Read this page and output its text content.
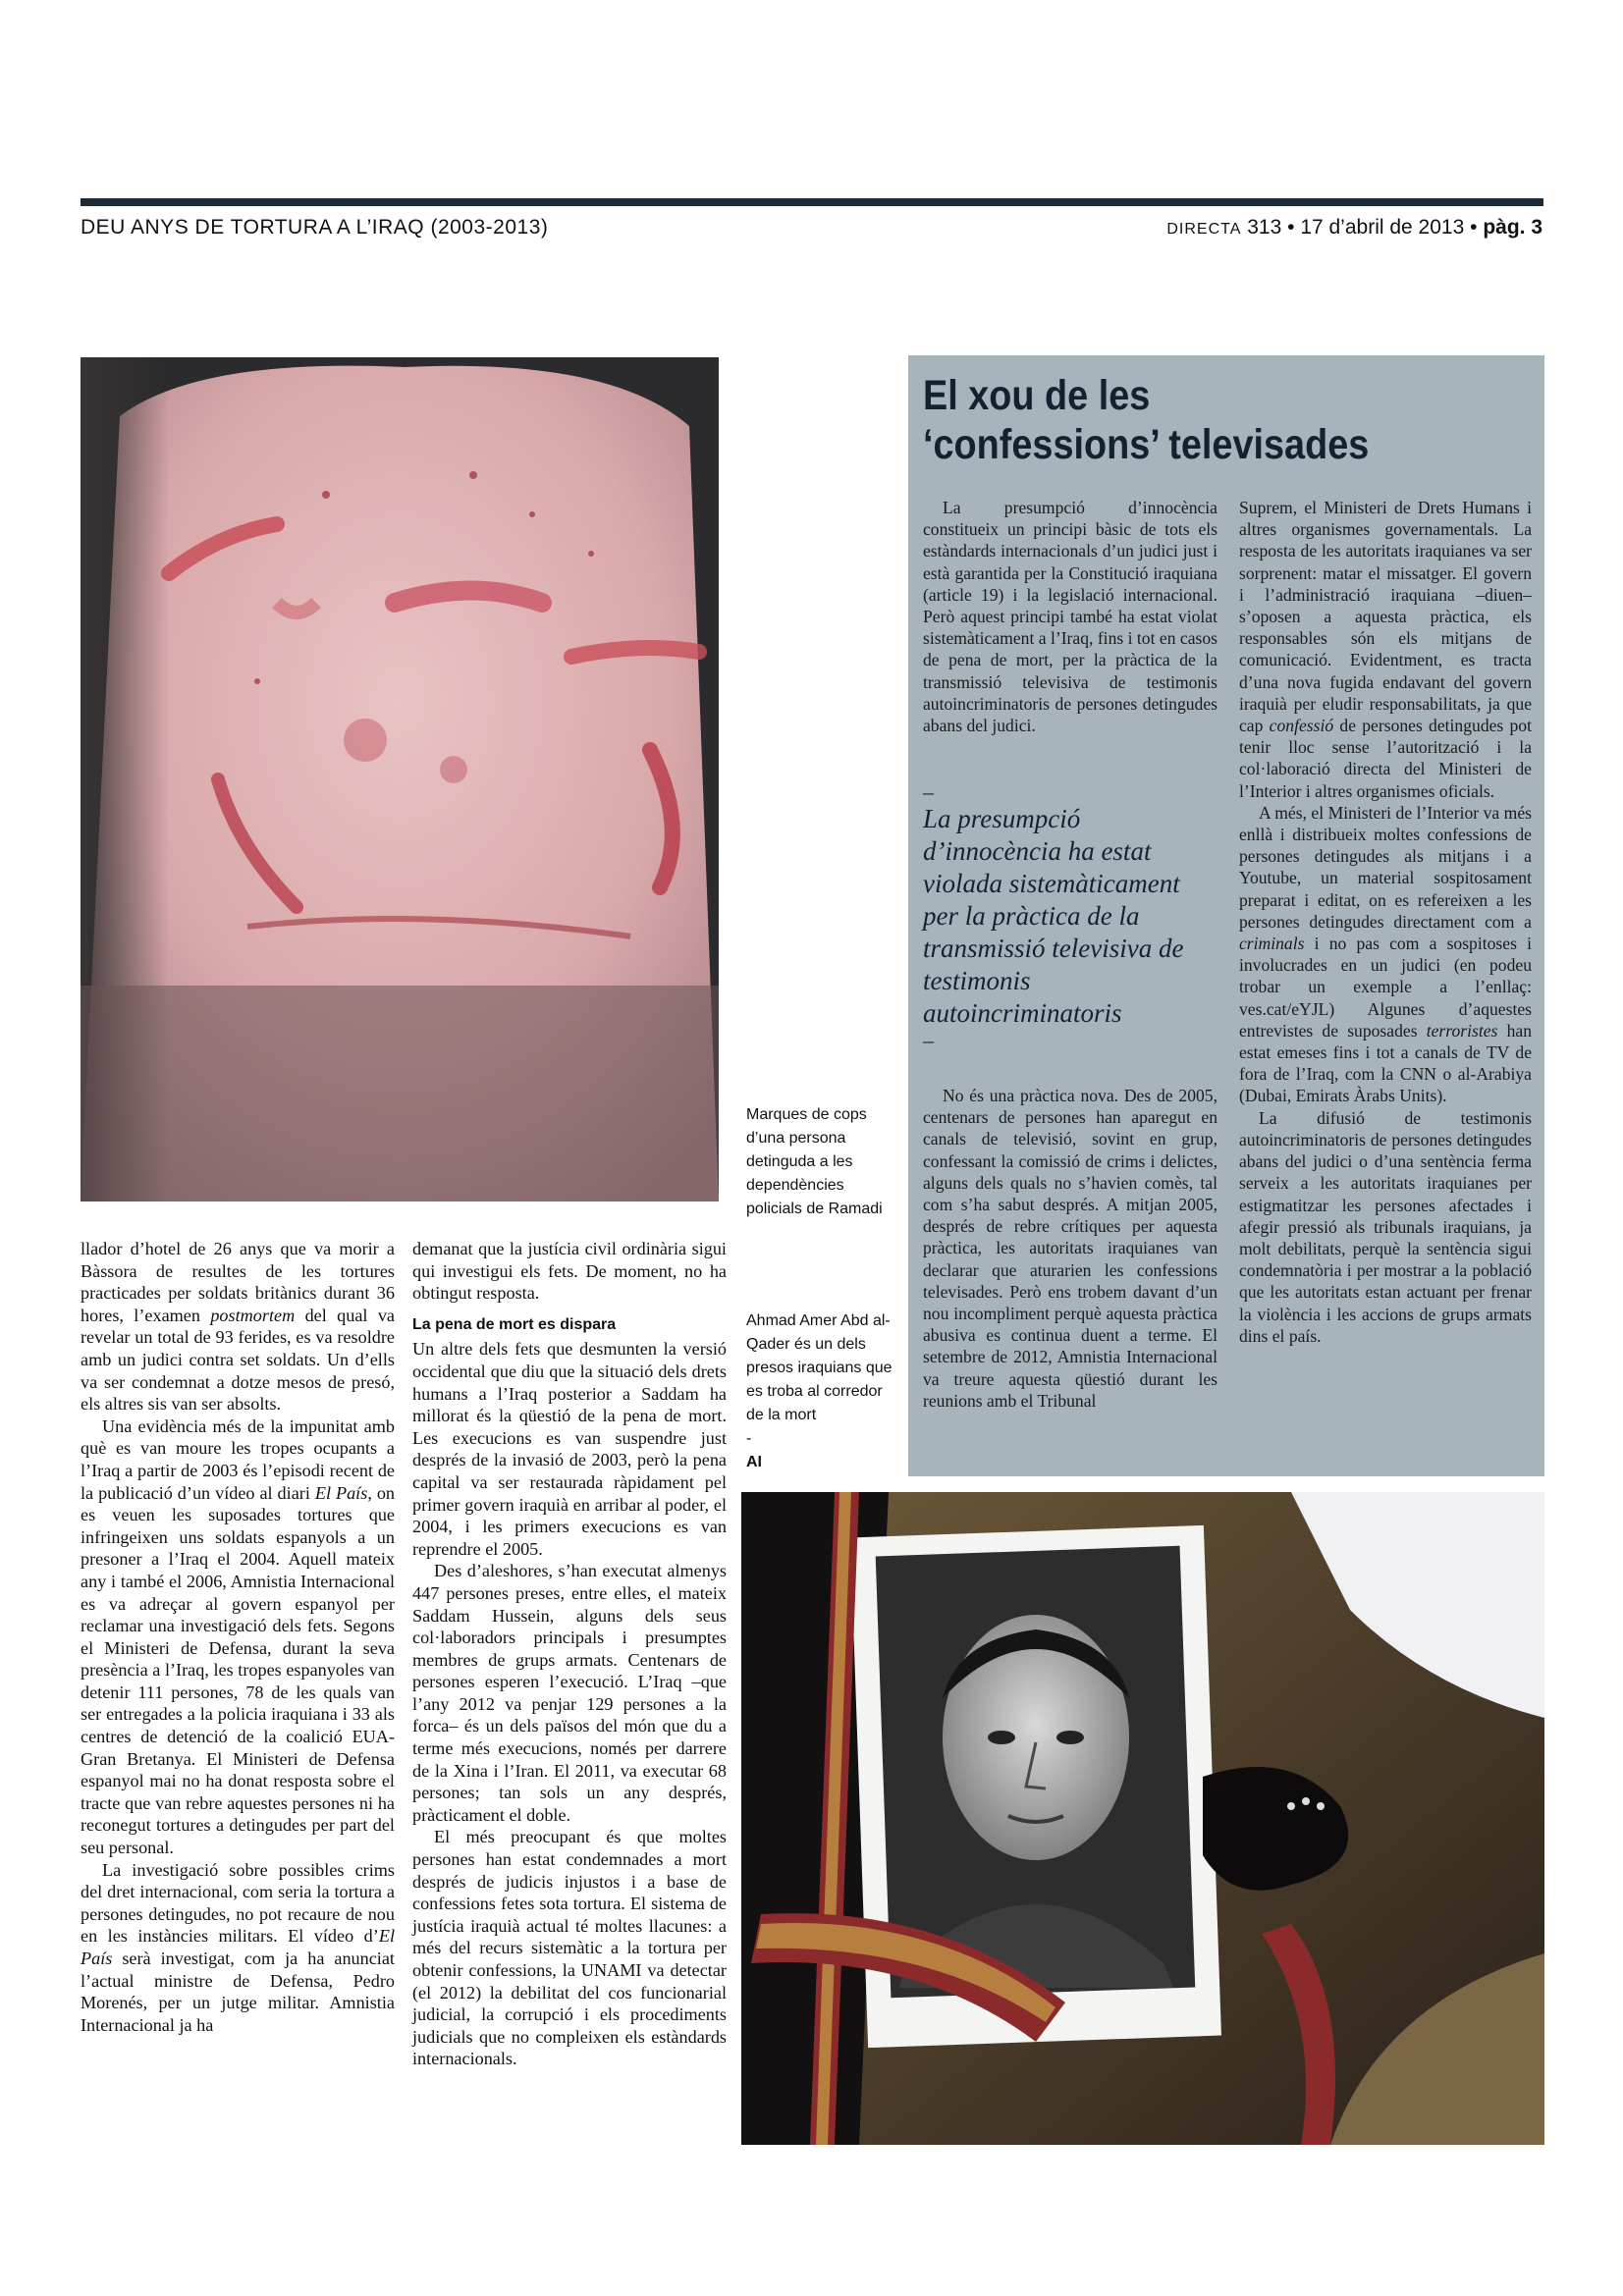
DEU ANYS DE TORTURA A L’IRAQ (2003-2013)	DIRECTA 313 • 17 d’abril de 2013 • pàg. 3
Marques de cops d’una persona detinguda a les dependències policials de Ramadi
Ahmad Amer Abd al-Qader és un dels presos iraquians que es troba al corredor de la mort
-
AI

llador d’hotel de 26 anys que va morir a Bàssora de resultes de les tortures practicades per soldats britànics durant 36 hores, l’examen postmortem del qual va revelar un total de 93 ferides, es va resoldre amb un judici contra set soldats. Un d’ells va ser condemnat a dotze mesos de presó, els altres sis van ser absolts.

Una evidència més de la impunitat amb què es van moure les tropes ocupants a l’Iraq a partir de 2003 és l’episodi recent de la publicació d’un vídeo al diari El País, on es veuen les suposades tortures que infringeixen uns soldats espanyols a un presoner a l’Iraq el 2004. Aquell mateix any i també el 2006, Amnistia Internacional es va adreçar al govern espanyol per reclamar una investigació dels fets. Segons el Ministeri de Defensa, durant la seva presència a l’Iraq, les tropes espanyoles van detenir 111 persones, 78 de les quals van ser entregades a la policia iraquiana i 33 als centres de detenció de la coalició EUA-Gran Bretanya. El Ministeri de Defensa espanyol mai no ha donat resposta sobre el tracte que van rebre aquestes persones ni ha reconegut tortures a detingudes per part del seu personal.

La investigació sobre possibles crims del dret internacional, com seria la tortura a persones detingudes, no pot recaure de nou en les instàncies militars. El vídeo d’El País serà investigat, com ja ha anunciat l’actual ministre de Defensa, Pedro Morenés, per un jutge militar. Amnistia Internacional ja ha

demanat que la justícia civil ordinària sigui qui investigui els fets. De moment, no ha obtingut resposta.

La pena de mort es dispara

Un altre dels fets que desmunten la versió occidental que diu que la situació dels drets humans a l’Iraq posterior a Saddam ha millorat és la qüestió de la pena de mort. Les execucions es van suspendre just després de la invasió de 2003, però la pena capital va ser restaurada ràpidament pel primer govern iraquià en arribar al poder, el 2004, i les primers execucions es van reprendre el 2005.

Des d’aleshores, s’han executat almenys 447 persones preses, entre elles, el mateix Saddam Hussein, alguns dels seus col·laboradors principals i presumptes membres de grups armats. Centenars de persones esperen l’execució. L’Iraq –que l’any 2012 va penjar 129 persones a la forca– és un dels països del món que du a terme més execucions, només per darrere de la Xina i l’Iran. El 2011, va executar 68 persones; tan sols un any després, pràcticament el doble.

El més preocupant és que moltes persones han estat condemnades a mort després de judicis injustos i a base de confessions fetes sota tortura. El sistema de justícia iraquià actual té moltes llacunes: a més del recurs sistemàtic a la tortura per obtenir confessions, la UNAMI va detectar (el 2012) la debilitat del cos funcionarial judicial, la corrupció i els procediments judicials que no compleixen els estàndards internacionals.

El xou de les
‘confessions’ televisades

La presumpció d’innocència constitueix un principi bàsic de tots els estàndards internacionals d’un judici just i està garantida per la Constitució iraquiana (article 19) i la legislació internacional. Però aquest principi també ha estat violat sistemàticament a l’Iraq, fins i tot en casos de pena de mort, per la pràctica de la transmissió televisiva de testimonis autoincriminatoris de persones detingudes abans del judici.

–
La presumpció d’innocència ha estat violada sistemàticament per la pràctica de la transmissió televisiva de testimonis autoincriminatoris
–

No és una pràctica nova. Des de 2005, centenars de persones han aparegut en canals de televisió, sovint en grup, confessant la comissió de crims i delictes, alguns dels quals no s’havien comès, tal com s’ha sabut després. A mitjan 2005, després de rebre crítiques per aquesta pràctica, les autoritats iraquianes van declarar que aturarien les confessions televisades. Però ens trobem davant d’un nou incompliment perquè aquesta pràctica abusiva es continua duent a terme. El setembre de 2012, Amnistia Internacional va treure aquesta qüestió durant les reunions amb el Tribunal

Suprem, el Ministeri de Drets Humans i altres organismes governamentals. La resposta de les autoritats iraquianes va ser sorprenent: matar el missatger. El govern i l’administració iraquiana –diuen– s’oposen a aquesta pràctica, els responsables són els mitjans de comunicació. Evidentment, es tracta d’una nova fugida endavant del govern iraquià per eludir responsabilitats, ja que cap confessió de persones detingudes pot tenir lloc sense l’autorització i la col·laboració directa del Ministeri de l’Interior i altres organismes oficials.

A més, el Ministeri de l’Interior va més enllà i distribueix moltes confessions de persones detingudes als mitjans i a Youtube, un material sospitosament preparat i editat, on es refereixen a les persones detingudes directament com a criminals i no pas com a sospitoses i involucrades en un judici (en podeu trobar un exemple a l’enllaç: ves.cat/eYJL) Algunes d’aquestes entrevistes de suposades terroristes han estat emeses fins i tot a canals de TV de fora de l’Iraq, com la CNN o al-Arabiya (Dubai, Emirats Àrabs Units).

La difusió de testimonis autoincriminatoris de persones detingudes abans del judici o d’una sentència ferma serveix a les autoritats iraquianes per estigmatitzar les persones afectades i afegir pressió als tribunals iraquians, ja molt debilitats, perquè la sentència sigui condemnatòria i per mostrar a la població que les autoritats estan actuant per frenar la violència i les accions de grups armats dins el país.
